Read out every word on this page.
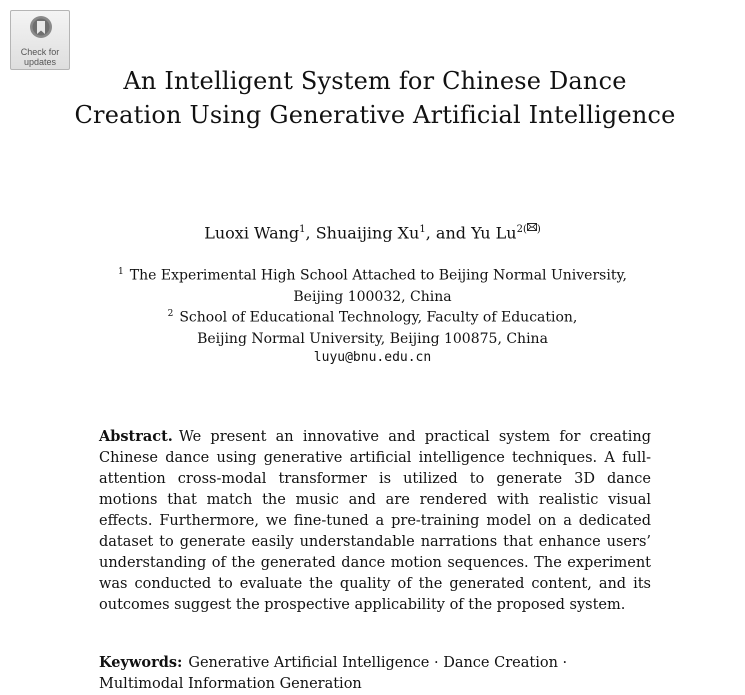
Check for
updates
An Intelligent System for Chinese Dance Creation Using Generative Artificial Intelligence
Luoxi Wang$^1$, Shuaijing Xu$^1$, and Yu $Lu^{2( )}$
$^1$ The Experimental High School Attached to Beijing Normal University,
Beijing 100032, China
$^2$ School of Educational Technology, Faculty of Education,
Beijing Normal University, Beijing 100875, China
luyu@bnu.edu.cn

Abstract. We present an innovative and practical system for creating Chinese dance using generative artificial intelligence techniques. A full-attention cross-modal transformer is utilized to generate 3D dance motions that match the music and are rendered with realistic visual effects. Furthermore, we fine-tuned a pre-training model on a dedicated dataset to generate easily understandable narrations that enhance users’ understanding of the generated dance motion sequences. The experiment was conducted to evaluate the quality of the generated content, and its outcomes suggest the prospective applicability of the proposed system.

Keywords: Generative Artificial Intelligence · Dance Creation · Multimodal Information Generation
